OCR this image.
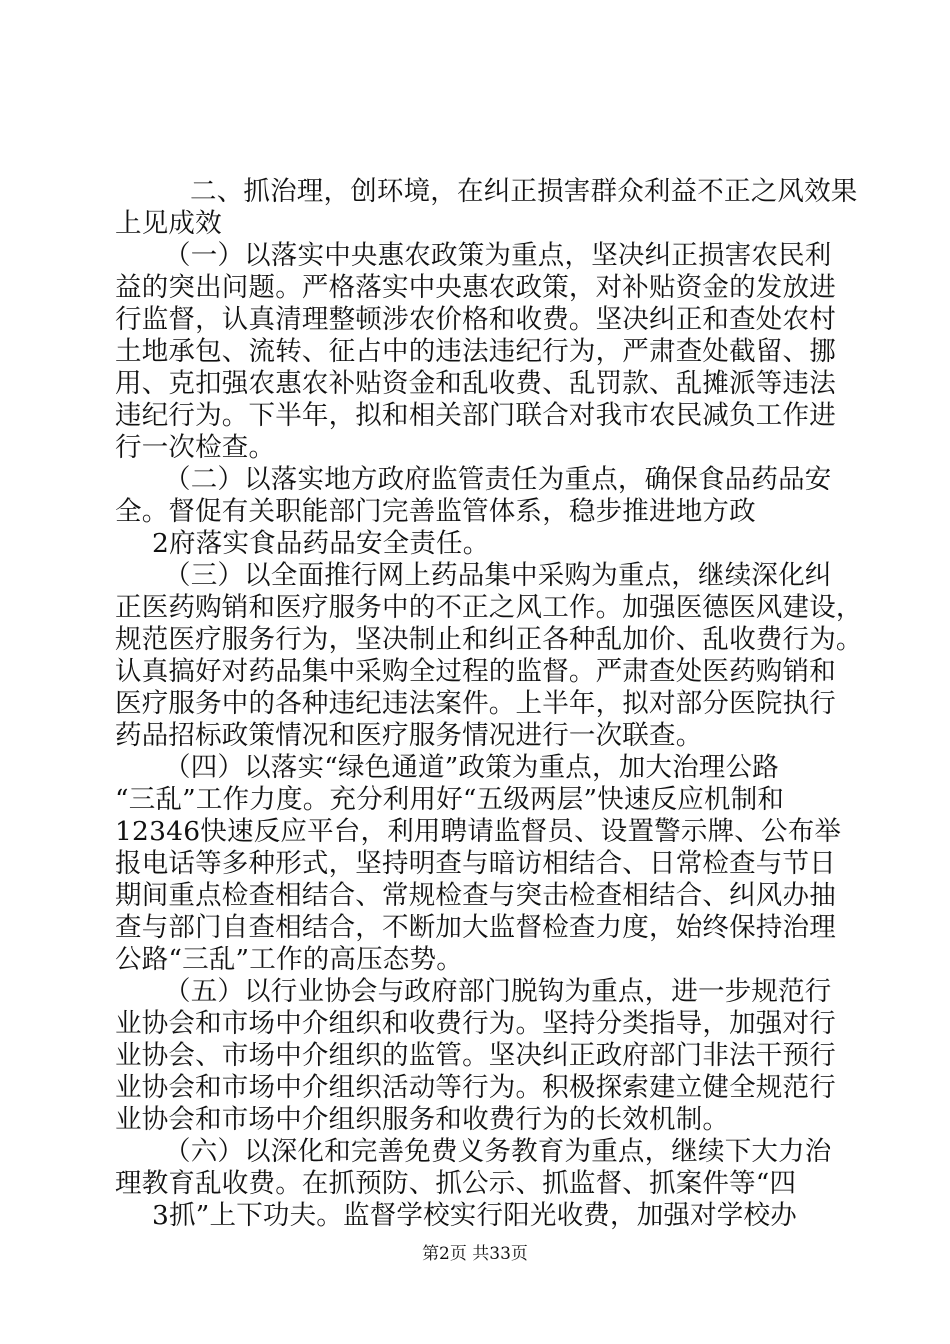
二、抓治理，创环境，在纠正损害群众利益不正之风效果
上见成效
（一）以落实中央惠农政策为重点，坚决纠正损害农民利
益的突出问题。严格落实中央惠农政策，对补贴资金的发放进
行监督，认真清理整顿涉农价格和收费。坚决纠正和查处农村
土地承包、流转、征占中的违法违纪行为，严肃查处截留、挪
用、克扣强农惠农补贴资金和乱收费、乱罚款、乱摊派等违法
违纪行为。下半年，拟和相关部门联合对我市农民减负工作进
行一次检查。
（二）以落实地方政府监管责任为重点，确保食品药品安
全。督促有关职能部门完善监管体系，稳步推进地方政
2府落实食品药品安全责任。
（三）以全面推行网上药品集中采购为重点，继续深化纠
正医药购销和医疗服务中的不正之风工作。加强医德医风建设，
规范医疗服务行为，坚决制止和纠正各种乱加价、乱收费行为。
认真搞好对药品集中采购全过程的监督。严肃查处医药购销和
医疗服务中的各种违纪违法案件。上半年，拟对部分医院执行
药品招标政策情况和医疗服务情况进行一次联查。
（四）以落实“绿色通道”政策为重点，加大治理公路
“三乱”工作力度。充分利用好“五级两层”快速反应机制和
12346快速反应平台，利用聘请监督员、设置警示牌、公布举
报电话等多种形式，坚持明查与暗访相结合、日常检查与节日
期间重点检查相结合、常规检查与突击检查相结合、纠风办抽
查与部门自查相结合，不断加大监督检查力度，始终保持治理
公路“三乱”工作的高压态势。
（五）以行业协会与政府部门脱钩为重点，进一步规范行
业协会和市场中介组织和收费行为。坚持分类指导，加强对行
业协会、市场中介组织的监管。坚决纠正政府部门非法干预行
业协会和市场中介组织活动等行为。积极探索建立健全规范行
业协会和市场中介组织服务和收费行为的长效机制。
（六）以深化和完善免费义务教育为重点，继续下大力治
理教育乱收费。在抓预防、抓公示、抓监督、抓案件等“四
3抓”上下功夫。监督学校实行阳光收费，加强对学校办
第2页 共33页
